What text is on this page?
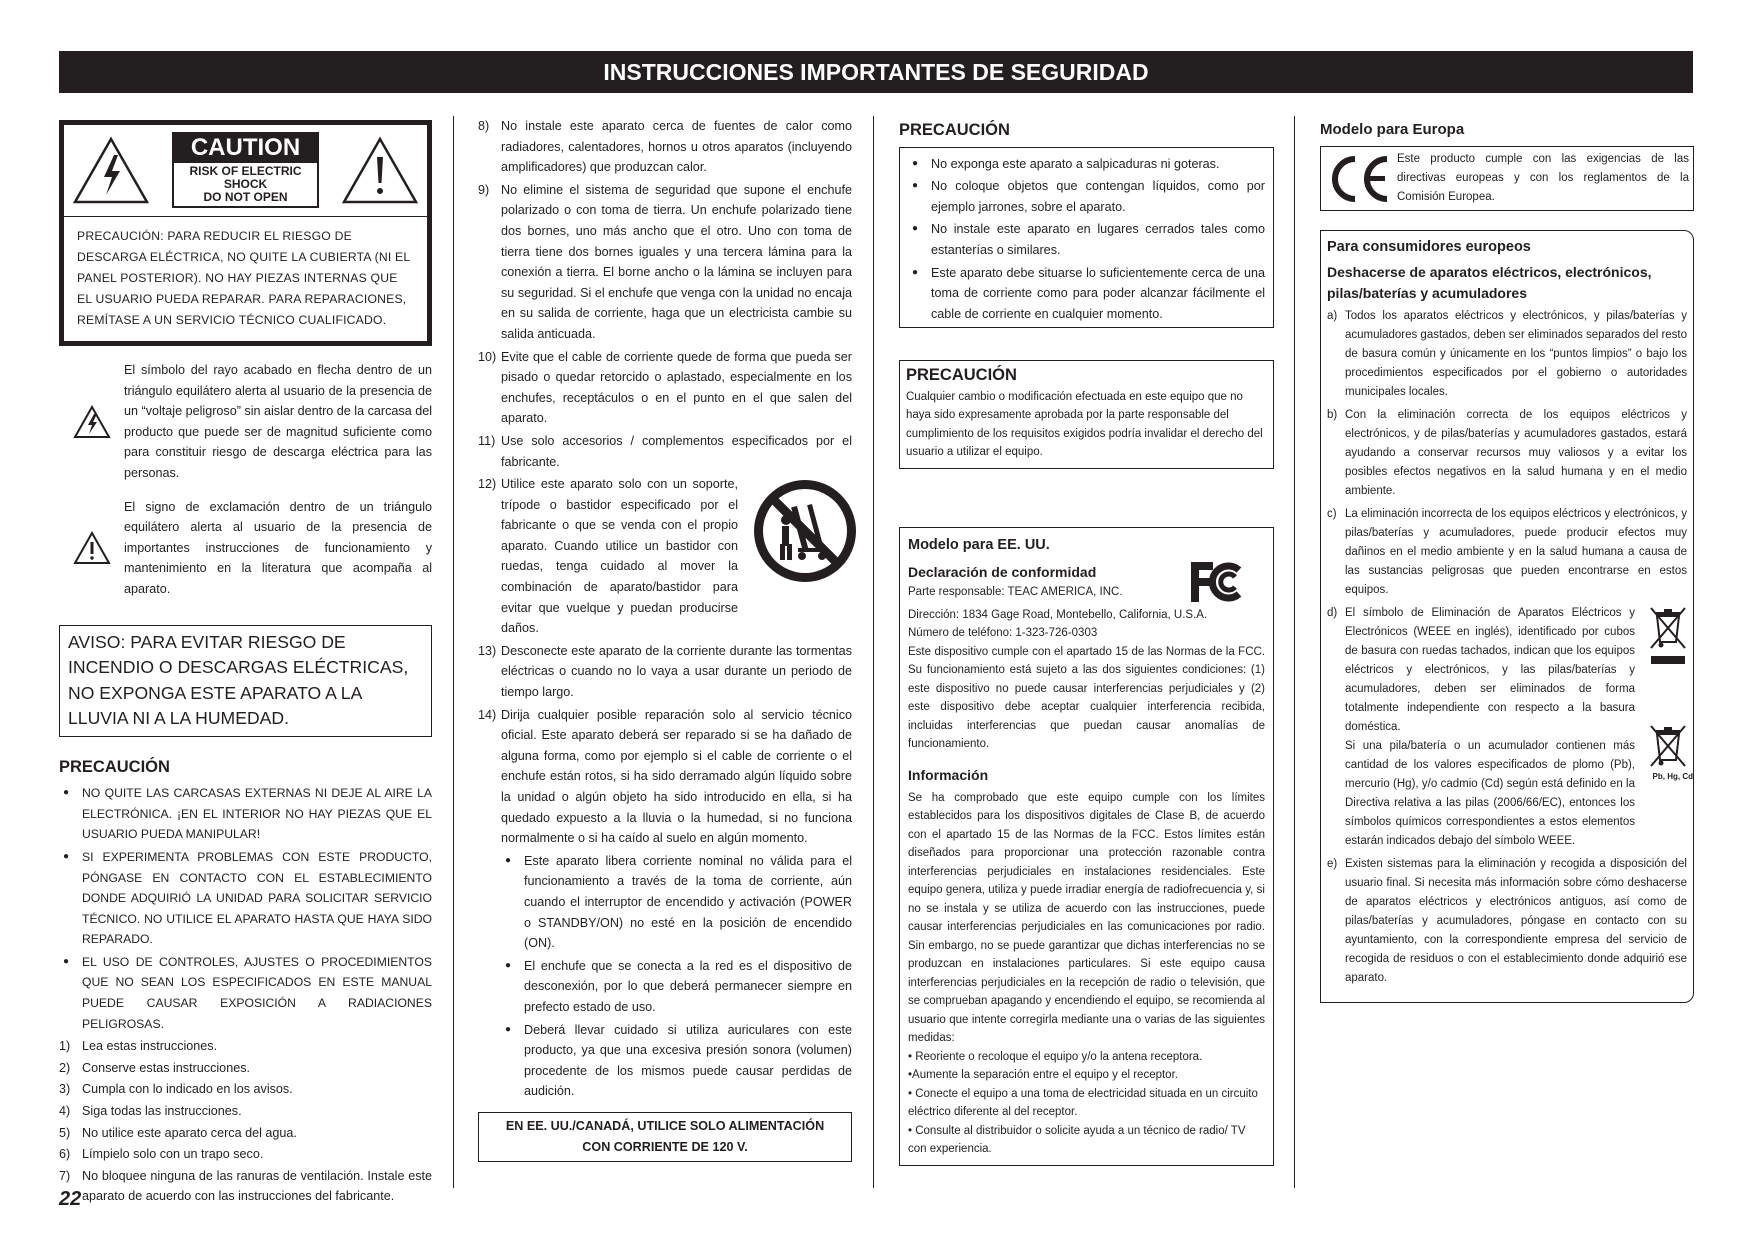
INSTRUCCIONES IMPORTANTES DE SEGURIDAD
CAUTION
RISK OF ELECTRIC SHOCK
DO NOT OPEN
PRECAUCIÓN: PARA REDUCIR EL RIESGO DE DESCARGA ELÉCTRICA, NO QUITE LA CUBIERTA (NI EL PANEL POSTERIOR). NO HAY PIEZAS INTERNAS QUE EL USUARIO PUEDA REPARAR. PARA REPARACIONES, REMÍTASE A UN SERVICIO TÉCNICO CUALIFICADO.
El símbolo del rayo acabado en flecha dentro de un triángulo equilátero alerta al usuario de la presencia de un “voltaje peligroso” sin aislar dentro de la carcasa del producto que puede ser de magnitud suficiente como para constituir riesgo de descarga eléctrica para las personas.
El signo de exclamación dentro de un triángulo equilátero alerta al usuario de la presencia de importantes instrucciones de funcionamiento y mantenimiento en la literatura que acompaña al aparato.
AVISO: PARA EVITAR RIESGO DE INCENDIO O DESCARGAS ELÉCTRICAS, NO EXPONGA ESTE APARATO A LA LLUVIA NI A LA HUMEDAD.
PRECAUCIÓN
● NO QUITE LAS CARCASAS EXTERNAS NI DEJE AL AIRE LA ELECTRÓNICA. ¡EN EL INTERIOR NO HAY PIEZAS QUE EL USUARIO PUEDA MANIPULAR!
● SI EXPERIMENTA PROBLEMAS CON ESTE PRODUCTO, PÓNGASE EN CONTACTO CON EL ESTABLECIMIENTO DONDE ADQUIRIÓ LA UNIDAD PARA SOLICITAR SERVICIO TÉCNICO. NO UTILICE EL APARATO HASTA QUE HAYA SIDO REPARADO.
● EL USO DE CONTROLES, AJUSTES O PROCEDIMIENTOS QUE NO SEAN LOS ESPECIFICADOS EN ESTE MANUAL PUEDE CAUSAR EXPOSICIÓN A RADIACIONES PELIGROSAS.
1) Lea estas instrucciones.
2) Conserve estas instrucciones.
3) Cumpla con lo indicado en los avisos.
4) Siga todas las instrucciones.
5) No utilice este aparato cerca del agua.
6) Límpielo solo con un trapo seco.
7) No bloquee ninguna de las ranuras de ventilación. Instale este aparato de acuerdo con las instrucciones del fabricante.
8) No instale este aparato cerca de fuentes de calor como radiadores, calentadores, hornos u otros aparatos (incluyendo amplificadores) que produzcan calor.
9) No elimine el sistema de seguridad que supone el enchufe polarizado o con toma de tierra. Un enchufe polarizado tiene dos bornes, uno más ancho que el otro. Uno con toma de tierra tiene dos bornes iguales y una tercera lámina para la conexión a tierra. El borne ancho o la lámina se incluyen para su seguridad. Si el enchufe que venga con la unidad no encaja en su salida de corriente, haga que un electricista cambie su salida anticuada.
10) Evite que el cable de corriente quede de forma que pueda ser pisado o quedar retorcido o aplastado, especialmente en los enchufes, receptáculos o en el punto en el que salen del aparato.
11) Use solo accesorios / complementos especificados por el fabricante.
12) Utilice este aparato solo con un soporte, trípode o bastidor especificado por el fabricante o que se venda con el propio aparato. Cuando utilice un bastidor con ruedas, tenga cuidado al mover la combinación de aparato/bastidor para evitar que vuelque y puedan producirse daños.
13) Desconecte este aparato de la corriente durante las tormentas eléctricas o cuando no lo vaya a usar durante un periodo de tiempo largo.
14) Dirija cualquier posible reparación solo al servicio técnico oficial. Este aparato deberá ser reparado si se ha dañado de alguna forma, como por ejemplo si el cable de corriente o el enchufe están rotos, si ha sido derramado algún líquido sobre la unidad o algún objeto ha sido introducido en ella, si ha quedado expuesto a la lluvia o la humedad, si no funciona normalmente o si ha caído al suelo en algún momento.
● Este aparato libera corriente nominal no válida para el funcionamiento a través de la toma de corriente, aún cuando el interruptor de encendido y activación (POWER o STANDBY/ON) no esté en la posición de encendido (ON).
● El enchufe que se conecta a la red es el dispositivo de desconexión, por lo que deberá permanecer siempre en prefecto estado de uso.
● Deberá llevar cuidado si utiliza auriculares con este producto, ya que una excesiva presión sonora (volumen) procedente de los mismos puede causar perdidas de audición.
EN EE. UU./CANADÁ, UTILICE SOLO ALIMENTACIÓN CON CORRIENTE DE 120 V.
PRECAUCIÓN
● No exponga este aparato a salpicaduras ni goteras.
● No coloque objetos que contengan líquidos, como por ejemplo jarrones, sobre el aparato.
● No instale este aparato en lugares cerrados tales como estanterías o similares.
● Este aparato debe situarse lo suficientemente cerca de una toma de corriente como para poder alcanzar fácilmente el cable de corriente en cualquier momento.
PRECAUCIÓN

Cualquier cambio o modificación efectuada en este equipo que no haya sido expresamente aprobada por la parte responsable del cumplimiento de los requisitos exigidos podría invalidar el derecho del usuario a utilizar el equipo.

Modelo para EE. UU.
Declaración de conformidad
Parte responsable: TEAC AMERICA, INC.
Dirección: 1834 Gage Road, Montebello, California, U.S.A.
Número de teléfono: 1-323-726-0303

Este dispositivo cumple con el apartado 15 de las Normas de la FCC. Su funcionamiento está sujeto a las dos siguientes condiciones: (1) este dispositivo no puede causar interferencias perjudiciales y (2) este dispositivo debe aceptar cualquier interferencia recibida, incluidas interferencias que puedan causar anomalías de funcionamiento.

Información

Se ha comprobado que este equipo cumple con los límites establecidos para los dispositivos digitales de Clase B, de acuerdo con el apartado 15 de las Normas de la FCC. Estos límites están diseñados para proporcionar una protección razonable contra interferencias perjudiciales en instalaciones residenciales. Este equipo genera, utiliza y puede irradiar energía de radiofrecuencia y, si no se instala y se utiliza de acuerdo con las instrucciones, puede causar interferencias perjudiciales en las comunicaciones por radio. Sin embargo, no se puede garantizar que dichas interferencias no se produzcan en instalaciones particulares. Si este equipo causa interferencias perjudiciales en la recepción de radio o televisión, que se comprueban apagando y encendiendo el equipo, se recomienda al usuario que intente corregirla mediante una o varias de las siguientes medidas:

• Reoriente o recoloque el equipo y/o la antena receptora.
•Aumente la separación entre el equipo y el receptor.
• Conecte el equipo a una toma de electricidad situada en un circuito eléctrico diferente al del receptor.
• Consulte al distribuidor o solicite ayuda a un técnico de radio/ TV con experiencia.
Modelo para Europa
Este producto cumple con las exigencias de las directivas europeas y con los reglamentos de la Comisión Europea.
Para consumidores europeos
Deshacerse de aparatos eléctricos, electrónicos, pilas/baterías y acumuladores
a) Todos los aparatos eléctricos y electrónicos, y pilas/baterías y acumuladores gastados, deben ser eliminados separados del resto de basura común y únicamente en los “puntos limpios” o bajo los procedimientos especificados por el gobierno o autoridades municipales locales.
b) Con la eliminación correcta de los equipos eléctricos y electrónicos, y de pilas/baterías y acumuladores gastados, estará ayudando a conservar recursos muy valiosos y a evitar los posibles efectos negativos en la salud humana y en el medio ambiente.
c) La eliminación incorrecta de los equipos eléctricos y electrónicos, y pilas/baterías y acumuladores, puede producir efectos muy dañinos en el medio ambiente y en la salud humana a causa de las sustancias peligrosas que pueden encontrarse en estos equipos.
d) El símbolo de Eliminación de Aparatos Eléctricos y Electrónicos (WEEE en inglés), identificado por cubos de basura con ruedas tachados, indican que los equipos eléctricos y electrónicos, y las pilas/baterías y acumuladores, deben ser eliminados de forma totalmente independiente con respecto a la basura doméstica.
Si una pila/batería o un acumulador contienen más cantidad de los valores especificados de plomo (Pb), mercurio (Hg), y/o cadmio (Cd) según está definido en la Directiva relativa a las pilas (2006/66/EC), entonces los símbolos químicos correspondientes a estos elementos estarán indicados debajo del símbolo WEEE.
Pb, Hg, Cd
e) Existen sistemas para la eliminación y recogida a disposición del usuario final. Si necesita más información sobre cómo deshacerse de aparatos eléctricos y electrónicos antiguos, así como de pilas/baterías y acumuladores, póngase en contacto con su ayuntamiento, con la correspondiente empresa del servicio de recogida de residuos o con el establecimiento donde adquirió ese aparato.
22
